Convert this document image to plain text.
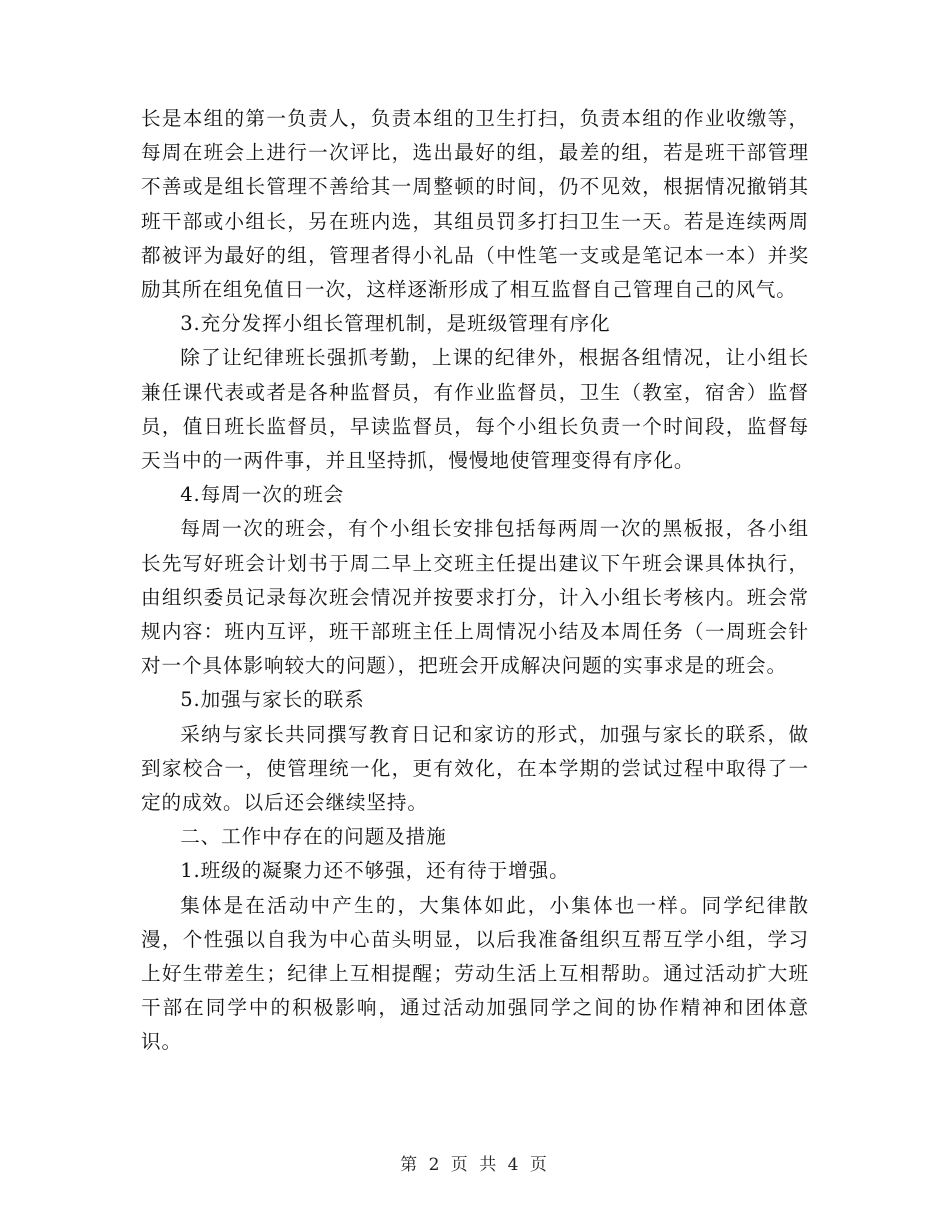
长是本组的第一负责人，负责本组的卫生打扫，负责本组的作业收缴等，每周在班会上进行一次评比，选出最好的组，最差的组，若是班干部管理不善或是组长管理不善给其一周整顿的时间，仍不见效，根据情况撤销其班干部或小组长，另在班内选，其组员罚多打扫卫生一天。若是连续两周都被评为最好的组，管理者得小礼品（中性笔一支或是笔记本一本）并奖励其所在组免值日一次，这样逐渐形成了相互监督自己管理自己的风气。

3.充分发挥小组长管理机制，是班级管理有序化

除了让纪律班长强抓考勤，上课的纪律外，根据各组情况，让小组长兼任课代表或者是各种监督员，有作业监督员，卫生（教室，宿舍）监督员，值日班长监督员，早读监督员，每个小组长负责一个时间段，监督每天当中的一两件事，并且坚持抓，慢慢地使管理变得有序化。

4.每周一次的班会

每周一次的班会，有个小组长安排包括每两周一次的黑板报，各小组长先写好班会计划书于周二早上交班主任提出建议下午班会课具体执行，由组织委员记录每次班会情况并按要求打分，计入小组长考核内。班会常规内容：班内互评，班干部班主任上周情况小结及本周任务（一周班会针对一个具体影响较大的问题），把班会开成解决问题的实事求是的班会。

5.加强与家长的联系

采纳与家长共同撰写教育日记和家访的形式，加强与家长的联系，做到家校合一，使管理统一化，更有效化，在本学期的尝试过程中取得了一定的成效。以后还会继续坚持。

二、工作中存在的问题及措施

1.班级的凝聚力还不够强，还有待于增强。

集体是在活动中产生的，大集体如此，小集体也一样。同学纪律散漫，个性强以自我为中心苗头明显，以后我准备组织互帮互学小组，学习上好生带差生；纪律上互相提醒；劳动生活上互相帮助。通过活动扩大班干部在同学中的积极影响，通过活动加强同学之间的协作精神和团体意识。

第 2 页 共 4 页
